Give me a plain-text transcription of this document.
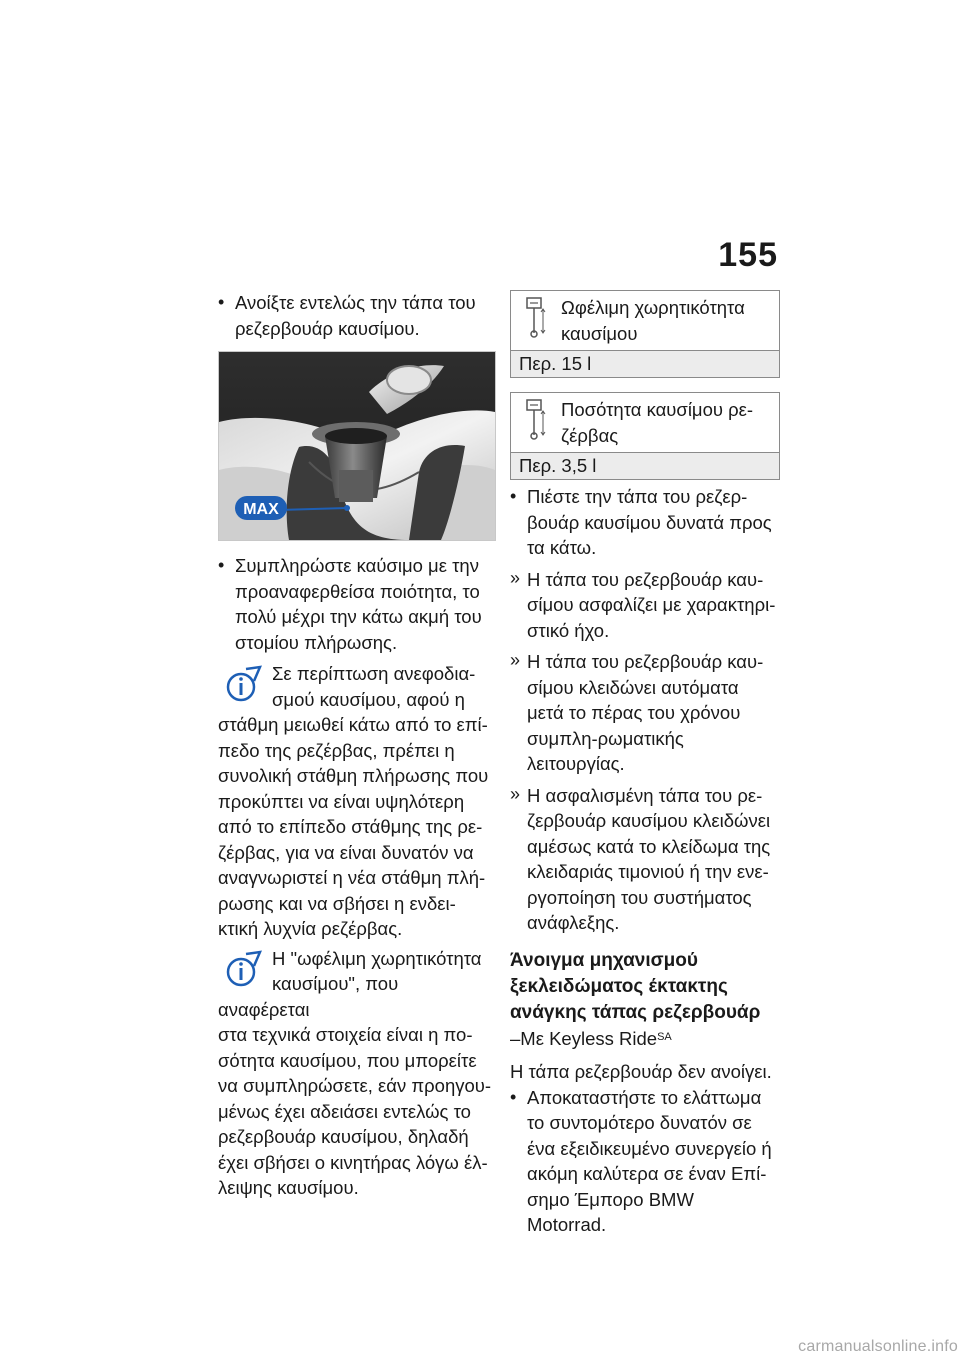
155
• Ανοίξτε εντελώς την τάπα του ρεζερβουάρ καυσίμου.
MAX
• Συμπληρώστε καύσιμο με την προαναφερθείσα ποιότητα, το πολύ μέχρι την κάτω ακμή του στομίου πλήρωσης.
Σε περίπτωση ανεφοδια-
σμού καυσίμου, αφού η
στάθμη μειωθεί κάτω από το επί-πεδο της ρεζέρβας, πρέπει η συνολική στάθμη πλήρωσης που προκύπτει να είναι υψηλότερη από το επίπεδο στάθμης της ρε-ζέρβας, για να είναι δυνατόν να αναγνωριστεί η νέα στάθμη πλή-ρωσης και να σβήσει η ενδει-κτική λυχνία ρεζέρβας.
Η "ωφέλιμη χωρητικότητα
καυσίμου", που αναφέρεται
στα τεχνικά στοιχεία είναι η πο-σότητα καυσίμου, που μπορείτε να συμπληρώσετε, εάν προηγου-μένως έχει αδειάσει εντελώς το ρεζερβουάρ καυσίμου, δηλαδή έχει σβήσει ο κινητήρας λόγω έλ-λειψης καυσίμου.
Ωφέλιμη χωρητικότητα καυσίμου
Περ. 15 l
Ποσότητα καυσίμου ρε-ζέρβας
Περ. 3,5 l
• Πιέστε την τάπα του ρεζερ-βουάρ καυσίμου δυνατά προς τα κάτω.
» Η τάπα του ρεζερβουάρ καυ-σίμου ασφαλίζει με χαρακτηρι-στικό ήχο.
» Η τάπα του ρεζερβουάρ καυ-σίμου κλειδώνει αυτόματα μετά το πέρας του χρόνου συμπλη-ρωματικής λειτουργίας.
» Η ασφαλισμένη τάπα του ρε-ζερβουάρ καυσίμου κλειδώνει αμέσως κατά το κλείδωμα της κλειδαριάς τιμονιού ή την ενε-ργοποίηση του συστήματος ανάφλεξης.
Άνοιγμα μηχανισμού ξεκλειδώματος έκτακτης ανάγκης τάπας ρεζερβουάρ
–Με Keyless Ride$^{SA}$
Η τάπα ρεζερβουάρ δεν ανοίγει.
• Αποκαταστήστε το ελάττωμα το συντομότερο δυνατόν σε ένα εξειδικευμένο συνεργείο ή ακόμη καλύτερα σε έναν Επί-σημο Έμπορο BMW Motorrad.
carmanualsonline.info
